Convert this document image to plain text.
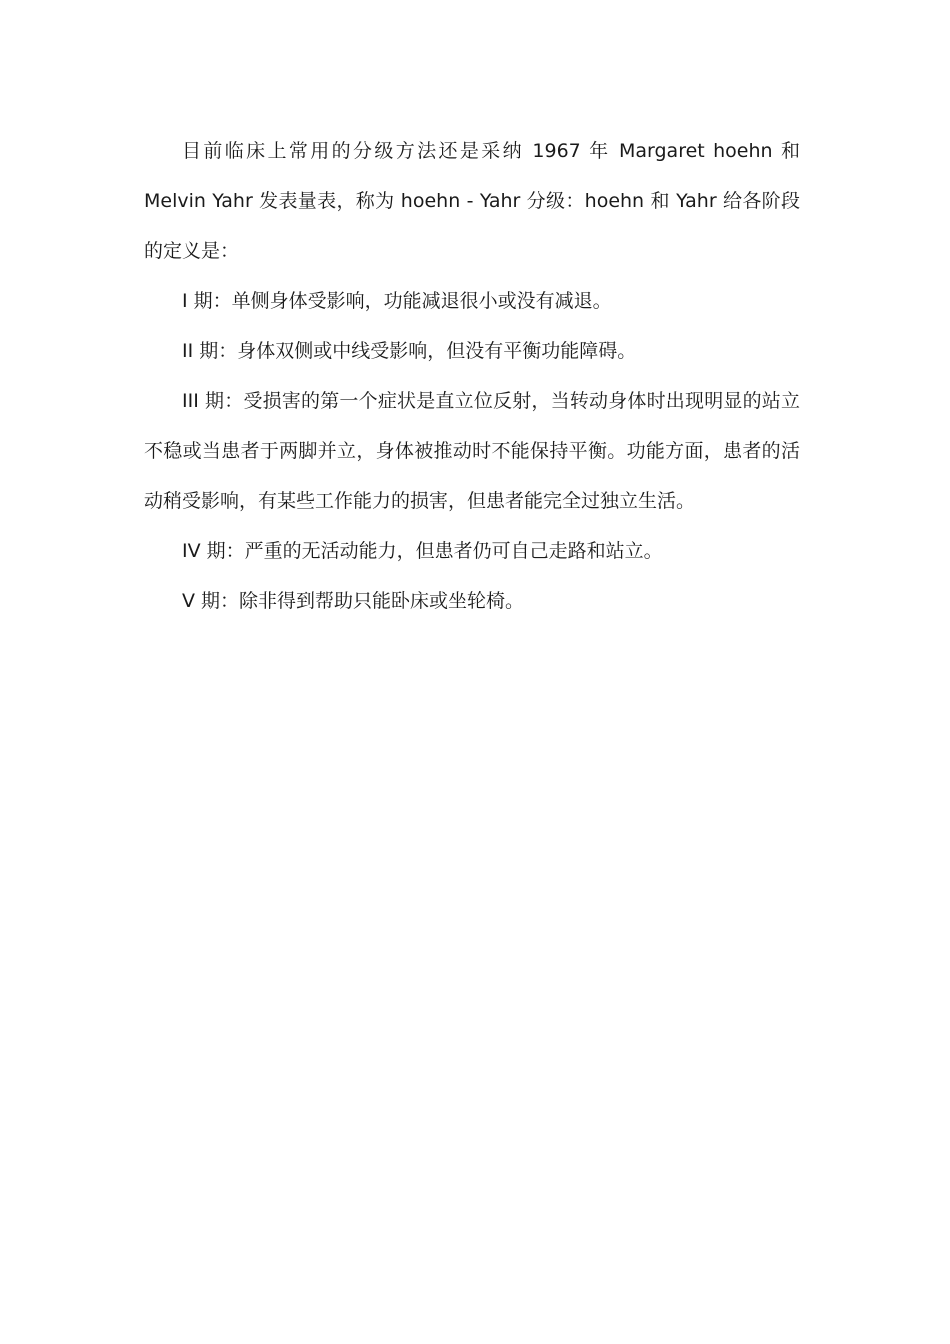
目前临床上常用的分级方法还是采纳 1967 年 Margaret hoehn 和 Melvin Yahr 发表量表，称为 hoehn - Yahr 分级：hoehn 和 Yahr 给各阶段的定义是：

I 期：单侧身体受影响，功能减退很小或没有减退。

II 期：身体双侧或中线受影响，但没有平衡功能障碍。

III 期：受损害的第一个症状是直立位反射，当转动身体时出现明显的站立不稳或当患者于两脚并立，身体被推动时不能保持平衡。功能方面，患者的活动稍受影响，有某些工作能力的损害，但患者能完全过独立生活。

IV 期：严重的无活动能力，但患者仍可自己走路和站立。

V 期：除非得到帮助只能卧床或坐轮椅。
